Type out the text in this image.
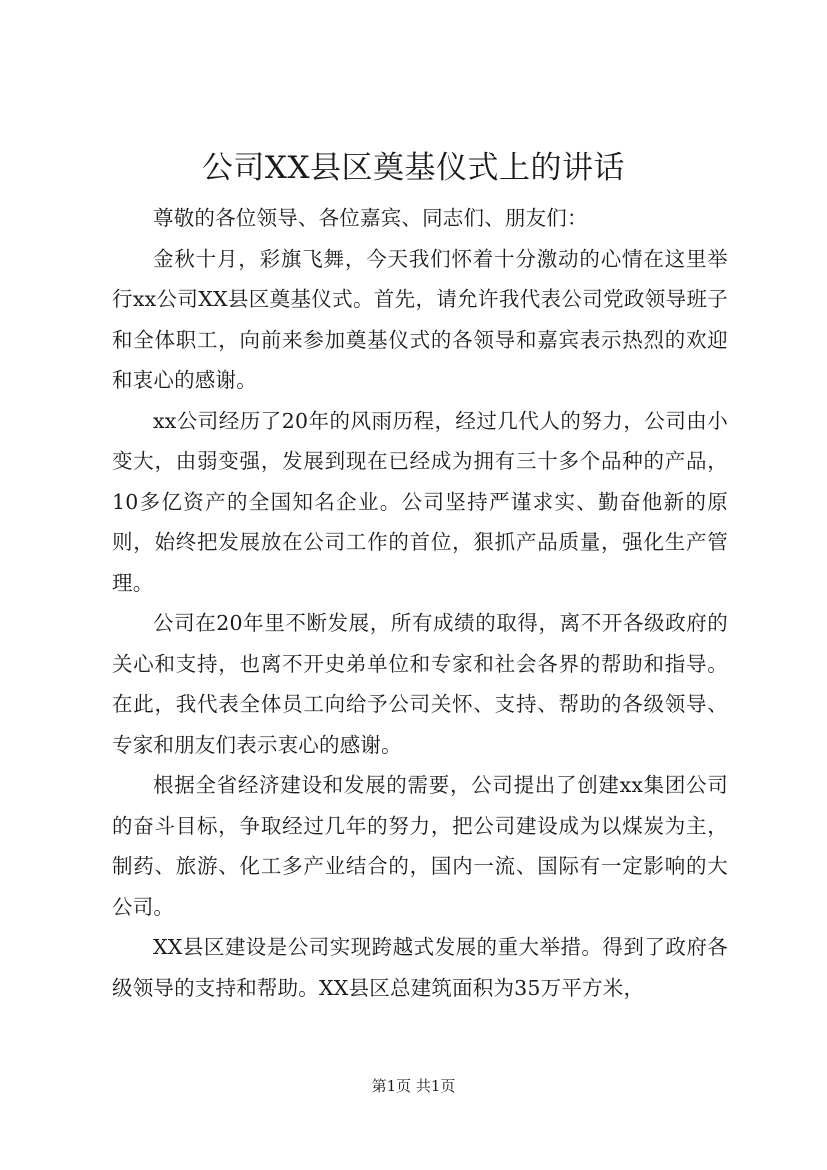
公司XX县区奠基仪式上的讲话

尊敬的各位领导、各位嘉宾、同志们、朋友们：

金秋十月，彩旗飞舞，今天我们怀着十分激动的心情在这里举行xx公司XX县区奠基仪式。首先，请允许我代表公司党政领导班子和全体职工，向前来参加奠基仪式的各领导和嘉宾表示热烈的欢迎和衷心的感谢。

xx公司经历了20年的风雨历程，经过几代人的努力，公司由小变大，由弱变强，发展到现在已经成为拥有三十多个品种的产品，10多亿资产的全国知名企业。公司坚持严谨求实、勤奋他新的原则，始终把发展放在公司工作的首位，狠抓产品质量，强化生产管理。

公司在20年里不断发展，所有成绩的取得，离不开各级政府的关心和支持，也离不开史弟单位和专家和社会各界的帮助和指导。在此，我代表全体员工向给予公司关怀、支持、帮助的各级领导、专家和朋友们表示衷心的感谢。

根据全省经济建设和发展的需要，公司提出了创建xx集团公司的奋斗目标，争取经过几年的努力，把公司建设成为以煤炭为主，制药、旅游、化工多产业结合的，国内一流、国际有一定影响的大公司。

XX县区建设是公司实现跨越式发展的重大举措。得到了政府各级领导的支持和帮助。XX县区总建筑面积为35万平方米，

第1页 共1页
